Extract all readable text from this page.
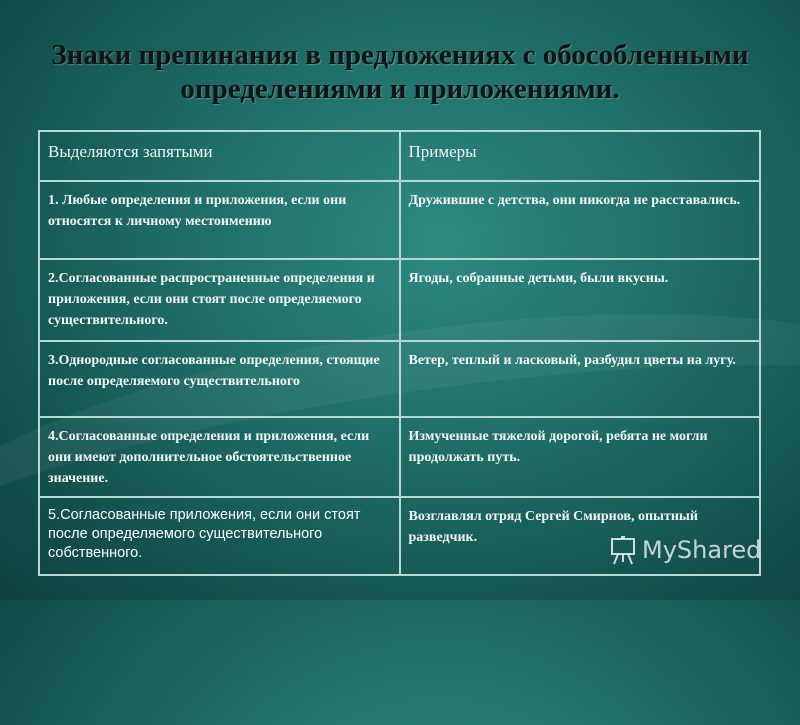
Знаки препинания в предложениях с обособленными определениями и приложениями.
Выделяются запятыми	Примеры
1. Любые определения и приложения, если они относятся к личному местоимению	Дружившие с детства, они никогда не расставались.
2.Согласованные распространенные определения и приложения, если они стоят после определяемого существительного.	Ягоды, собранные детьми, были вкусны.
3.Однородные согласованные определения, стоящие после определяемого существительного	Ветер, теплый и ласковый, разбудил цветы на лугу.
4.Согласованные определения и приложения, если они имеют дополнительное обстоятельственное значение.	Измученные тяжелой дорогой, ребята не могли продолжать путь.
5.Согласованные приложения, если они стоят после определяемого существительного собственного.	Возглавлял отряд Сергей Смирнов, опытный разведчик.	MyShared
